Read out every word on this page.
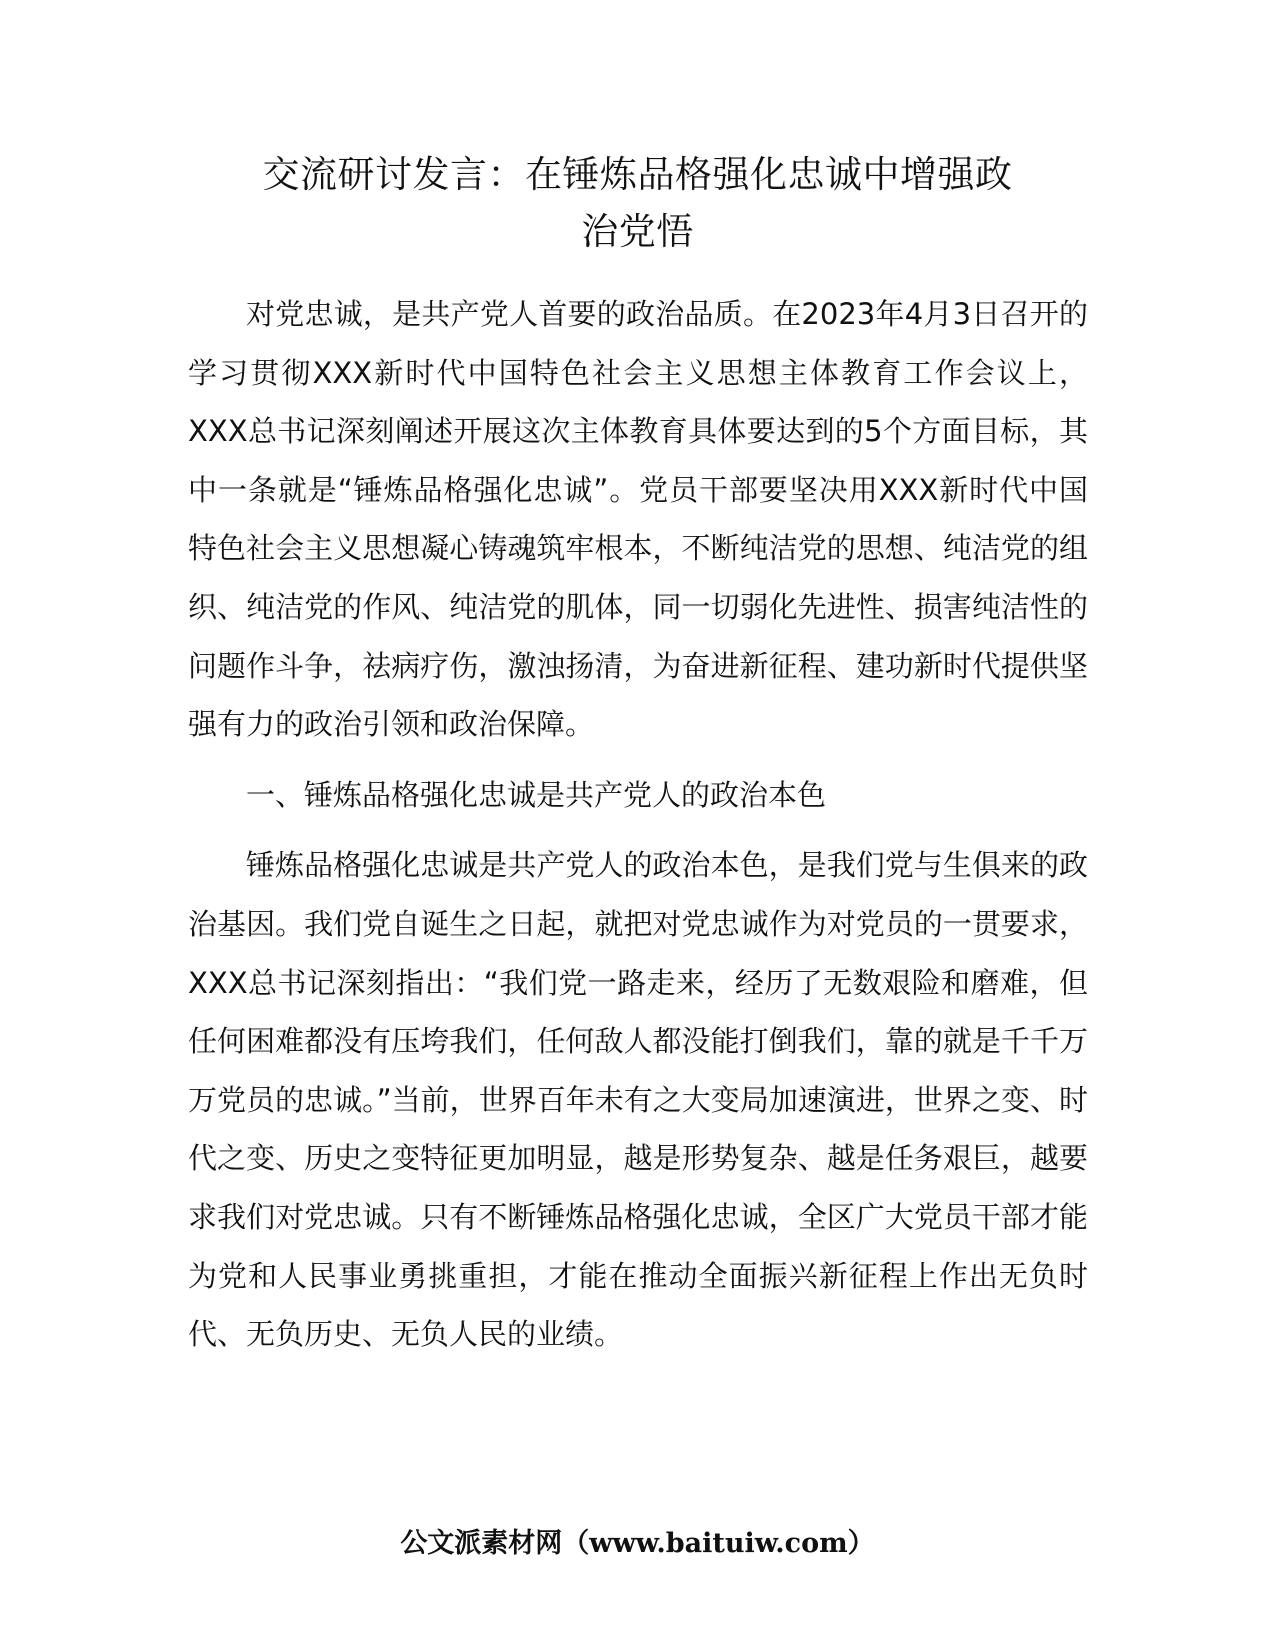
交流研讨发言：在锤炼品格强化忠诚中增强政
治党悟

对党忠诚，是共产党人首要的政治品质。在2023年4月3日召开的学习贯彻XXX新时代中国特色社会主义思想主体教育工作会议上，XXX总书记深刻阐述开展这次主体教育具体要达到的5个方面目标，其中一条就是“锤炼品格强化忠诚”。党员干部要坚决用XXX新时代中国特色社会主义思想凝心铸魂筑牢根本，不断纯洁党的思想、纯洁党的组织、纯洁党的作风、纯洁党的肌体，同一切弱化先进性、损害纯洁性的问题作斗争，祛病疗伤，激浊扬清，为奋进新征程、建功新时代提供坚强有力的政治引领和政治保障。

一、锤炼品格强化忠诚是共产党人的政治本色

锤炼品格强化忠诚是共产党人的政治本色，是我们党与生俱来的政治基因。我们党自诞生之日起，就把对党忠诚作为对党员的一贯要求，XXX总书记深刻指出：“我们党一路走来，经历了无数艰险和磨难，但任何困难都没有压垮我们，任何敌人都没能打倒我们，靠的就是千千万万党员的忠诚。”当前，世界百年未有之大变局加速演进，世界之变、时代之变、历史之变特征更加明显，越是形势复杂、越是任务艰巨，越要求我们对党忠诚。只有不断锤炼品格强化忠诚，全区广大党员干部才能为党和人民事业勇挑重担，才能在推动全面振兴新征程上作出无负时代、无负历史、无负人民的业绩。

公文派素材网（www.baituiw.com）
